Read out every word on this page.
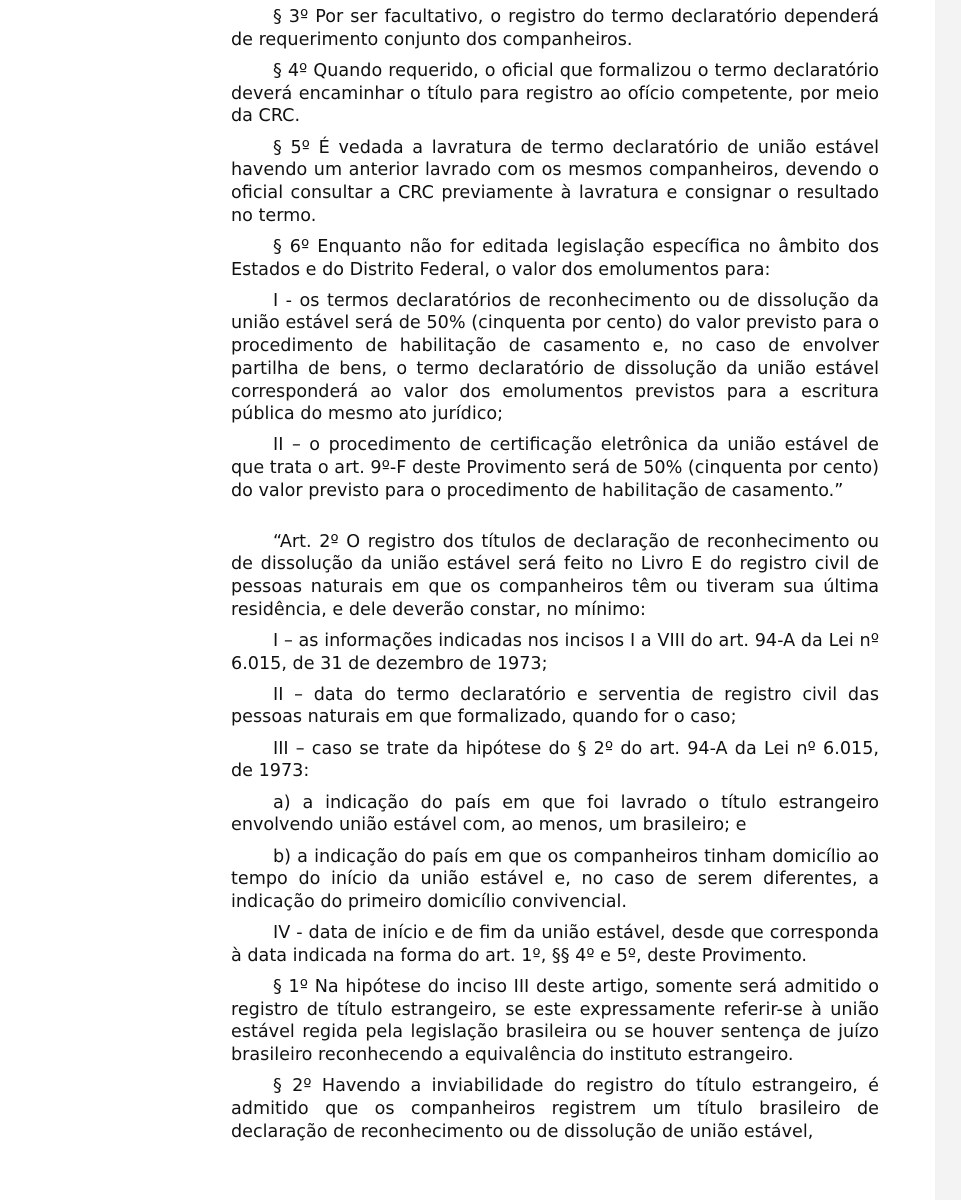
§ 3º Por ser facultativo, o registro do termo declaratório dependerá de requerimento conjunto dos companheiros.

§ 4º Quando requerido, o oficial que formalizou o termo declaratório deverá encaminhar o título para registro ao ofício competente, por meio da CRC.

§ 5º É vedada a lavratura de termo declaratório de união estável havendo um anterior lavrado com os mesmos companheiros, devendo o oficial consultar a CRC previamente à lavratura e consignar o resultado no termo.

§ 6º Enquanto não for editada legislação específica no âmbito dos Estados e do Distrito Federal, o valor dos emolumentos para:

I - os termos declaratórios de reconhecimento ou de dissolução da união estável será de 50% (cinquenta por cento) do valor previsto para o procedimento de habilitação de casamento e, no caso de envolver partilha de bens, o termo declaratório de dissolução da união estável corresponderá ao valor dos emolumentos previstos para a escritura pública do mesmo ato jurídico;

II – o procedimento de certificação eletrônica da união estável de que trata o art. 9º-F deste Provimento será de 50% (cinquenta por cento) do valor previsto para o procedimento de habilitação de casamento.”

“Art. 2º O registro dos títulos de declaração de reconhecimento ou de dissolução da união estável será feito no Livro E do registro civil de pessoas naturais em que os companheiros têm ou tiveram sua última residência, e dele deverão constar, no mínimo:

I – as informações indicadas nos incisos I a VIII do art. 94-A da Lei nº 6.015, de 31 de dezembro de 1973;

II – data do termo declaratório e serventia de registro civil das pessoas naturais em que formalizado, quando for o caso;

III – caso se trate da hipótese do § 2º do art. 94-A da Lei nº 6.015, de 1973:

a) a indicação do país em que foi lavrado o título estrangeiro envolvendo união estável com, ao menos, um brasileiro; e

b) a indicação do país em que os companheiros tinham domicílio ao tempo do início da união estável e, no caso de serem diferentes, a indicação do primeiro domicílio convivencial.

IV - data de início e de fim da união estável, desde que corresponda à data indicada na forma do art. 1º, §§ 4º e 5º, deste Provimento.

§ 1º Na hipótese do inciso III deste artigo, somente será admitido o registro de título estrangeiro, se este expressamente referir-se à união estável regida pela legislação brasileira ou se houver sentença de juízo brasileiro reconhecendo a equivalência do instituto estrangeiro.

§ 2º Havendo a inviabilidade do registro do título estrangeiro, é admitido que os companheiros registrem um título brasileiro de declaração de reconhecimento ou de dissolução de união estável,
